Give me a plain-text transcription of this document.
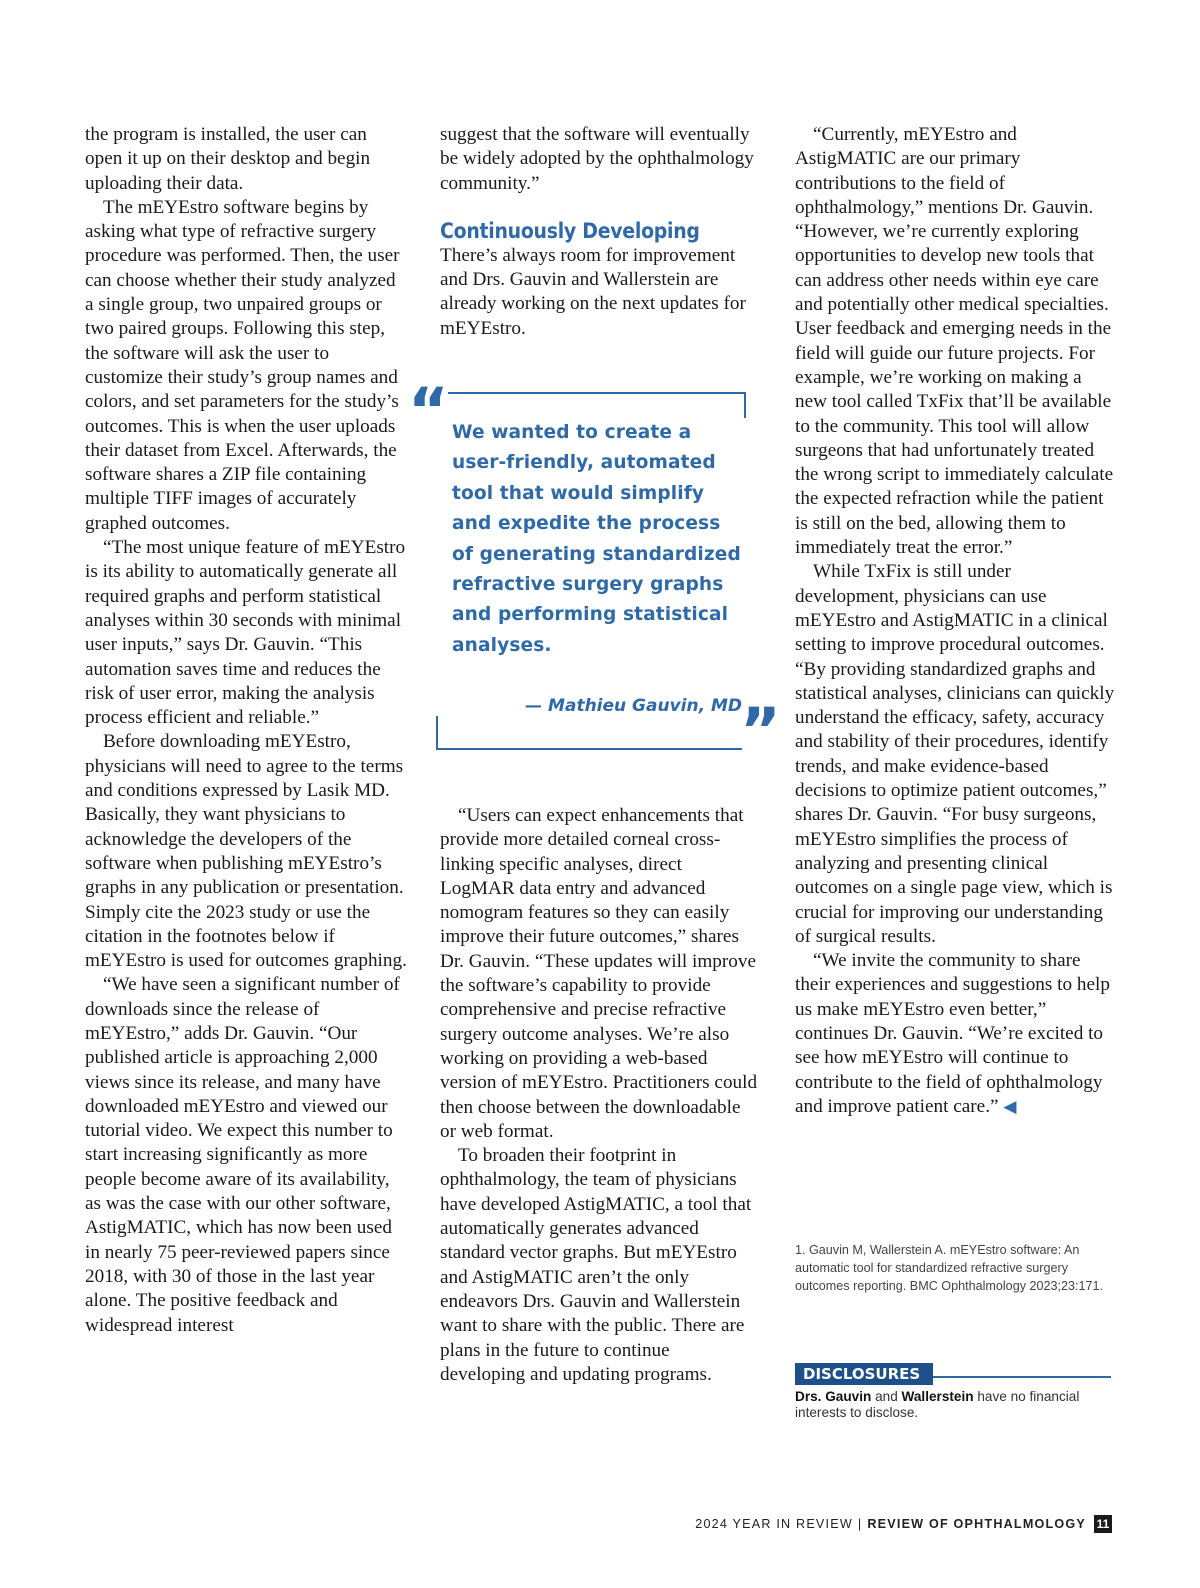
the program is installed, the user can open it up on their desktop and begin uploading their data.

The mEYEstro software begins by asking what type of refractive surgery procedure was performed. Then, the user can choose whether their study analyzed a single group, two unpaired groups or two paired groups. Following this step, the software will ask the user to customize their study’s group names and colors, and set parameters for the study’s outcomes. This is when the user uploads their dataset from Excel. Afterwards, the software shares a ZIP file containing multiple TIFF images of accurately graphed outcomes.

“The most unique feature of mEYEstro is its ability to automatically generate all required graphs and perform statistical analyses within 30 seconds with minimal user inputs,” says Dr. Gauvin. “This automation saves time and reduces the risk of user error, making the analysis process efficient and reliable.”

Before downloading mEYEstro, physicians will need to agree to the terms and conditions expressed by Lasik MD. Basically, they want physicians to acknowledge the developers of the software when publishing mEYEstro’s graphs in any publication or presentation. Simply cite the 2023 study or use the citation in the footnotes below if mEYEstro is used for outcomes graphing.

“We have seen a significant number of downloads since the release of mEYEstro,” adds Dr. Gauvin. “Our published article is approaching 2,000 views since its release, and many have downloaded mEYEstro and viewed our tutorial video. We expect this number to start increasing significantly as more people become aware of its availability, as was the case with our other software, AstigMATIC, which has now been used in nearly 75 peer-reviewed papers since 2018, with 30 of those in the last year alone. The positive feedback and widespread interest

suggest that the software will eventually be widely adopted by the ophthalmology community.”

Continuously Developing

There’s always room for improvement and Drs. Gauvin and Wallerstein are already working on the next updates for mEYEstro.

“ We wanted to create a user-friendly, automated tool that would simplify and expedite the process of generating standardized refractive surgery graphs and performing statistical analyses.
— Mathieu Gauvin, MD
”

“Users can expect enhancements that provide more detailed corneal cross-linking specific analyses, direct LogMAR data entry and advanced nomogram features so they can easily improve their future outcomes,” shares Dr. Gauvin. “These updates will improve the software’s capability to provide comprehensive and precise refractive surgery outcome analyses. We’re also working on providing a web-based version of mEYEstro. Practitioners could then choose between the downloadable or web format.

To broaden their footprint in ophthalmology, the team of physicians have developed AstigMATIC, a tool that automatically generates advanced standard vector graphs. But mEYEstro and AstigMATIC aren’t the only endeavors Drs. Gauvin and Wallerstein want to share with the public. There are plans in the future to continue developing and updating programs.

“Currently, mEYEstro and AstigMATIC are our primary contributions to the field of ophthalmology,” mentions Dr. Gauvin. “However, we’re currently exploring opportunities to develop new tools that can address other needs within eye care and potentially other medical specialties. User feedback and emerging needs in the field will guide our future projects. For example, we’re working on making a new tool called TxFix that’ll be available to the community. This tool will allow surgeons that had unfortunately treated the wrong script to immediately calculate the expected refraction while the patient is still on the bed, allowing them to immediately treat the error.”

While TxFix is still under development, physicians can use mEYEstro and AstigMATIC in a clinical setting to improve procedural outcomes. “By providing standardized graphs and statistical analyses, clinicians can quickly understand the efficacy, safety, accuracy and stability of their procedures, identify trends, and make evidence-based decisions to optimize patient outcomes,” shares Dr. Gauvin. “For busy surgeons, mEYEstro simplifies the process of analyzing and presenting clinical outcomes on a single page view, which is crucial for improving our understanding of surgical results.

“We invite the community to share their experiences and suggestions to help us make mEYEstro even better,” continues Dr. Gauvin. “We’re excited to see how mEYEstro will continue to contribute to the field of ophthalmology and improve patient care.” ◀

1. Gauvin M, Wallerstein A. mEYEstro software: An automatic tool for standardized refractive surgery outcomes reporting. BMC Ophthalmology 2023;23:171.
DISCLOSURES
Drs. Gauvin and Wallerstein have no financial interests to disclose.
2024 YEAR IN REVIEW | REVIEW OF OPHTHALMOLOGY 11
